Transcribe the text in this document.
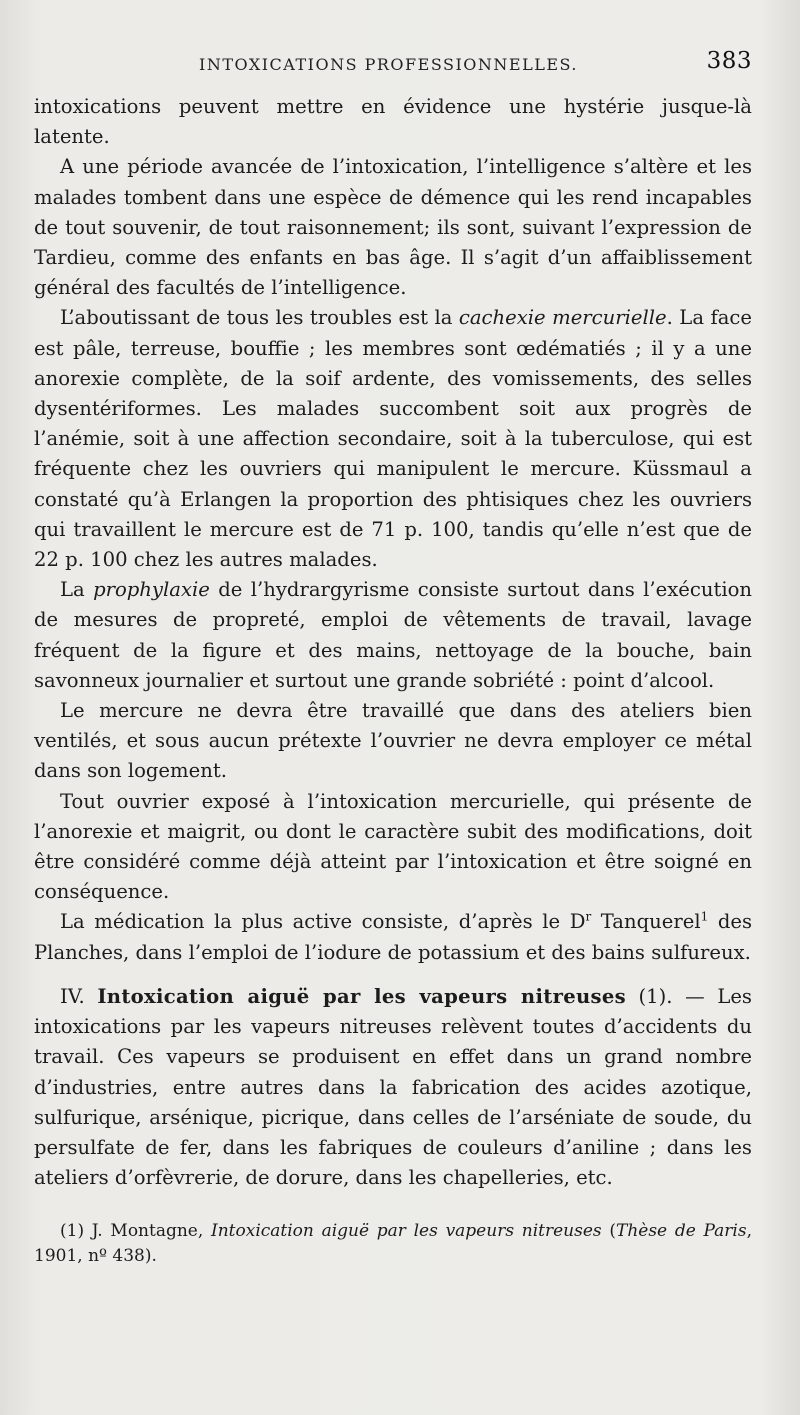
INTOXICATIONS PROFESSIONNELLES.	383

intoxications peuvent mettre en évidence une hystérie jusque-là latente.

A une période avancée de l’intoxication, l’intelligence s’altère et les malades tombent dans une espèce de démence qui les rend incapables de tout souvenir, de tout raisonnement; ils sont, suivant l’expression de Tardieu, comme des enfants en bas âge. Il s’agit d’un affaiblissement général des facultés de l’intelligence.

L’aboutissant de tous les troubles est la cachexie mercurielle. La face est pâle, terreuse, bouffie ; les membres sont œdématiés ; il y a une anorexie complète, de la soif ardente, des vomissements, des selles dysentériformes. Les malades succombent soit aux progrès de l’anémie, soit à une affection secondaire, soit à la tuberculose, qui est fréquente chez les ouvriers qui manipulent le mercure. Küssmaul a constaté qu’à Erlangen la proportion des phtisiques chez les ouvriers qui travaillent le mercure est de 71 p. 100, tandis qu’elle n’est que de 22 p. 100 chez les autres malades.

La prophylaxie de l’hydrargyrisme consiste surtout dans l’exécution de mesures de propreté, emploi de vêtements de travail, lavage fréquent de la figure et des mains, nettoyage de la bouche, bain savonneux journalier et surtout une grande sobriété : point d’alcool.

Le mercure ne devra être travaillé que dans des ateliers bien ventilés, et sous aucun prétexte l’ouvrier ne devra employer ce métal dans son logement.

Tout ouvrier exposé à l’intoxication mercurielle, qui présente de l’anorexie et maigrit, ou dont le caractère subit des modifications, doit être considéré comme déjà atteint par l’intoxication et être soigné en conséquence.

La médication la plus active consiste, d’après le $D^r$ Tanquerel$^1$ des Planches, dans l’emploi de l’iodure de potassium et des bains sulfureux.

IV. Intoxication aiguë par les vapeurs nitreuses (1). — Les intoxications par les vapeurs nitreuses relèvent toutes d’accidents du travail. Ces vapeurs se produisent en effet dans un grand nombre d’industries, entre autres dans la fabrication des acides azotique, sulfurique, arsénique, picrique, dans celles de l’arséniate de soude, du persulfate de fer, dans les fabriques de couleurs d’aniline ; dans les ateliers d’orfèvrerie, de dorure, dans les chapelleries, etc.

(1) J. Montagne, Intoxication aiguë par les vapeurs nitreuses (Thèse de Paris, 1901, nº 438).
